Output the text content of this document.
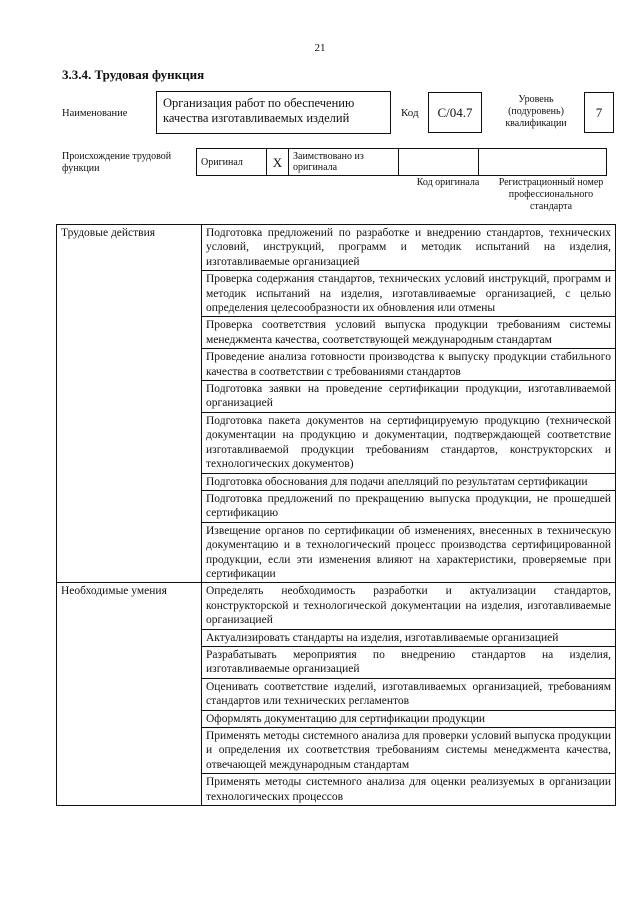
21
3.3.4. Трудовая функция
Наименование
Организация работ по обеспечению качества изготавливаемых изделий	Код C/04.7
Уровень (подуровень) квалификации
7
Происхождение трудовой функции
Оригинал	X	Заимствовано из оригинала		
Код оригинала	Регистрационный номер профессионального стандарта
Трудовые действия	Подготовка предложений по разработке и внедрению стандартов, технических условий, инструкций, программ и методик испытаний на изделия, изготавливаемые организацией
	Проверка содержания стандартов, технических условий инструкций, программ и методик испытаний на изделия, изготавливаемые организацией, с целью определения целесообразности их обновления или отмены
	Проверка соответствия условий выпуска продукции требованиям системы менеджмента качества, соответствующей международным стандартам
	Проведение анализа готовности производства к выпуску продукции стабильного качества в соответствии с требованиями стандартов
	Подготовка заявки на проведение сертификации продукции, изготавливаемой организацией
	Подготовка пакета документов на сертифицируемую продукцию (технической документации на продукцию и документации, подтверждающей соответствие изготавливаемой продукции требованиям стандартов, конструкторских и технологических документов)
	Подготовка обоснования для подачи апелляций по результатам сертификации
	Подготовка предложений по прекращению выпуска продукции, не прошедшей сертификацию
	Извещение органов по сертификации об изменениях, внесенных в техническую документацию и в технологический процесс производства сертифицированной продукции, если эти изменения влияют на характеристики, проверяемые при сертификации
Необходимые умения	Определять необходимость разработки и актуализации стандартов, конструкторской и технологической документации на изделия, изготавливаемые организацией
	Актуализировать стандарты на изделия, изготавливаемые организацией
	Разрабатывать мероприятия по внедрению стандартов на изделия, изготавливаемые организацией
	Оценивать соответствие изделий, изготавливаемых организацией, требованиям стандартов или технических регламентов
	Оформлять документацию для сертификации продукции
	Применять методы системного анализа для проверки условий выпуска продукции и определения их соответствия требованиям системы менеджмента качества, отвечающей международным стандартам
	Применять методы системного анализа для оценки реализуемых в организации технологических процессов
